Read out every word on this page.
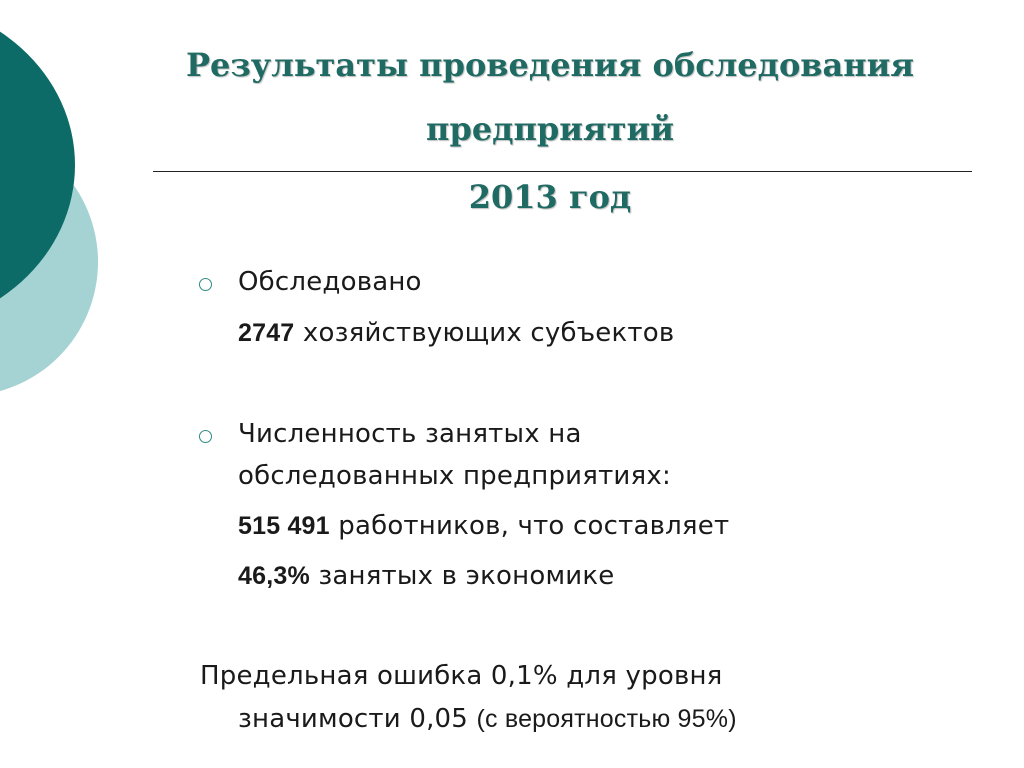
Результаты проведения обследования
предприятий
2013 год
Обследовано
2747 хозяйствующих субъектов
Численность занятых на
обследованных предприятиях:
515 491 работников, что составляет
46,3% занятых в экономике
Предельная ошибка 0,1% для уровня
значимости 0,05 (с вероятностью 95%)
